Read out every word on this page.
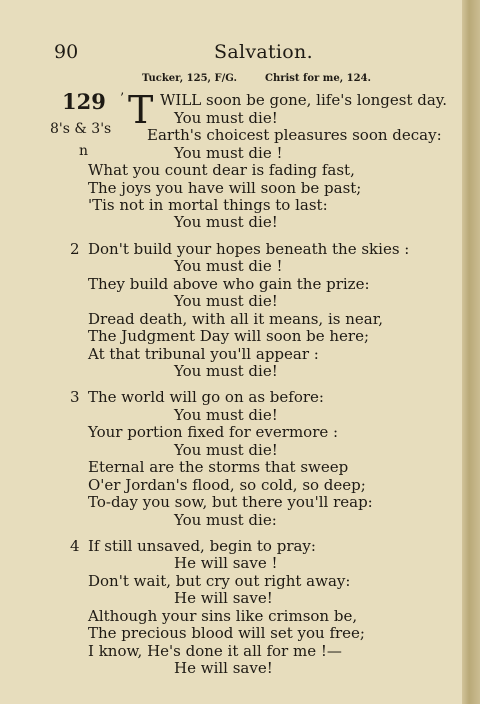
90	Salvation.
Tucker, 125, F/G.	Christ for me, 124.
129
8's & 3's
n
’ T WILL soon be gone, life's longest day.
You must die!
Earth's choicest pleasures soon decay:
You must die !
What you count dear is fading fast,
The joys you have will soon be past;
'Tis not in mortal things to last:
You must die!
2 Don't build your hopes beneath the skies :
You must die !
They build above who gain the prize:
You must die!
Dread death, with all it means, is near,
The Judgment Day will soon be here;
At that tribunal you'll appear :
You must die!
3 The world will go on as before:
You must die!
Your portion fixed for evermore :
You must die!
Eternal are the storms that sweep
O'er Jordan's flood, so cold, so deep;
To-day you sow, but there you'll reap:
You must die:
4 If still unsaved, begin to pray:
He will save !
Don't wait, but cry out right away:
He will save!
Although your sins like crimson be,
The precious blood will set you free;
I know, He's done it all for me !—
He will save!
